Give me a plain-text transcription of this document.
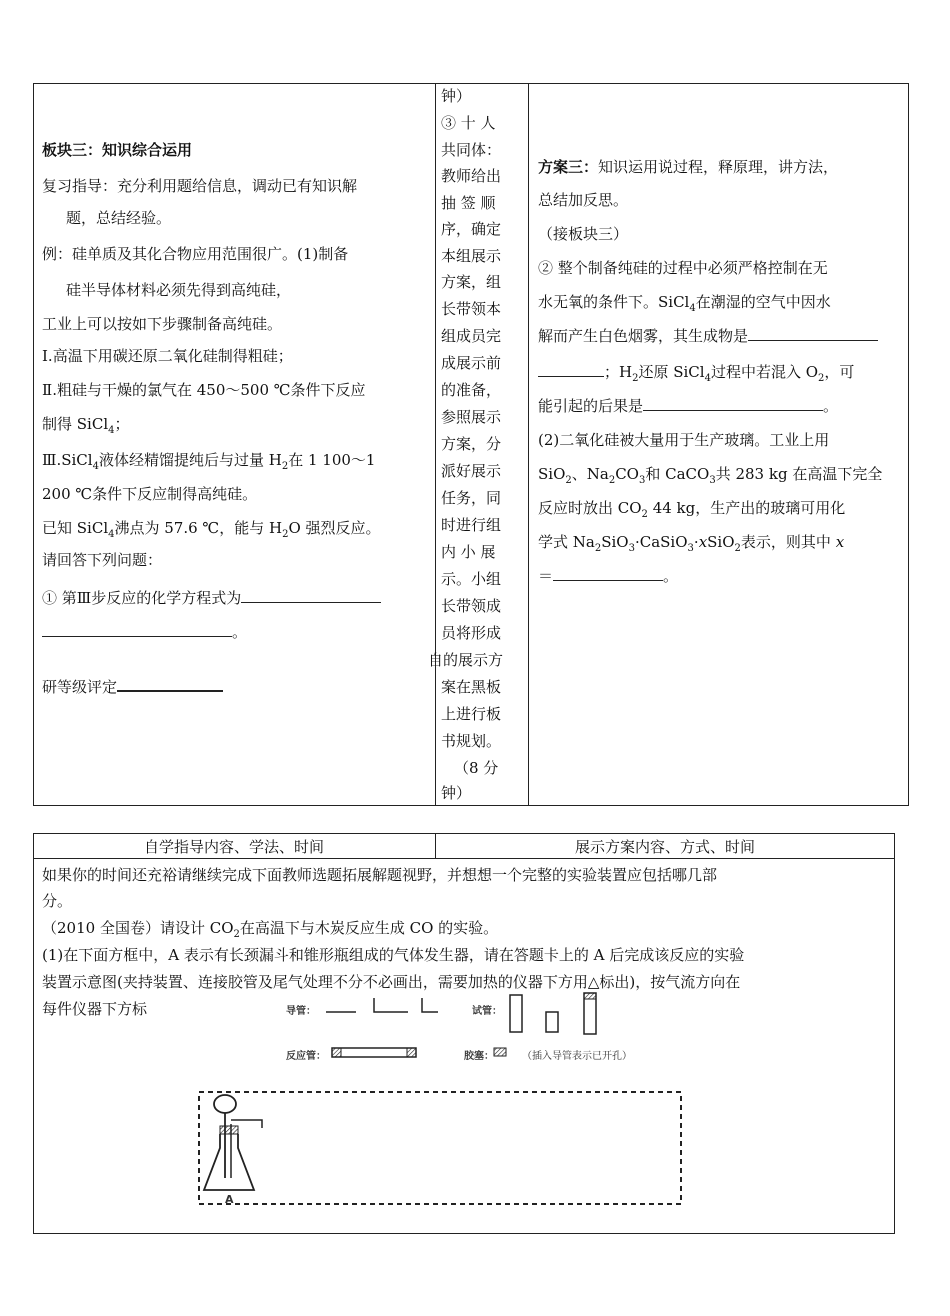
板块三：知识综合运用
复习指导：充分利用题给信息，调动已有知识解
题，总结经验。
例：硅单质及其化合物应用范围很广。(1)制备
硅半导体材料必须先得到高纯硅，
工业上可以按如下步骤制备高纯硅。
Ⅰ.高温下用碳还原二氧化硅制得粗硅；
Ⅱ.粗硅与干燥的氯气在 450～500 ℃条件下反应
制得 SiCl$_4$；
Ⅲ.SiCl$_4$液体经精馏提纯后与过量 $H_2$在 1 100～1
200 ℃条件下反应制得高纯硅。
已知 SiCl$_4$沸点为 57.6 ℃，能与 $H_2O$ 强烈反应。
请回答下列问题：
① 第Ⅲ步反应的化学方程式为
。
研等级评定
钟）
③ 十 人
共同体：
教师给出
抽 签 顺
序，确定
本组展示
方案，组
长带领本
组成员完
成展示前
的准备，
参照展示
方案，分
派好展示
任务，同
时进行组
内 小 展
示。小组
长带领成
员将形成
自的展示方
案在黑板
上进行板
书规划。
（8 分
钟）
方案三：知识运用说过程，释原理，讲方法，
总结加反思。
（接板块三）
② 整个制备纯硅的过程中必须严格控制在无
水无氧的条件下。SiCl$_4$在潮湿的空气中因水
解而产生白色烟雾，其生成物是
；$H_2$还原 SiCl$_4$过程中若混入 $O_2$，可
能引起的后果是	。
(2)二氧化硅被大量用于生产玻璃。工业上用
SiO$_2$、$Na_2CO_3$和 CaCO$_3$共 283 kg 在高温下完全
反应时放出 $CO_2$ 44 kg，生产出的玻璃可用化
学式 $Na_2SiO_3\cdot CaSiO_3\cdot xSiO_2$表示，则其中 x
＝	。
自学指导内容、学法、时间	展示方案内容、方式、时间
如果你的时间还充裕请继续完成下面教师选题拓展解题视野，并想想一个完整的实验装置应包括哪几部
分。
（2010 全国卷）请设计 $CO_2$在高温下与木炭反应生成 CO 的实验。
(1)在下面方框中，A 表示有长颈漏斗和锥形瓶组成的气体发生器，请在答题卡上的 A 后完成该反应的实验
装置示意图(夹持装置、连接胶管及尾气处理不分不必画出，需要加热的仪器下方用△标出)，按气流方向在
每件仪器下方标	导管：	试管：
反应管：	胶塞：	（插入导管表示已开孔）
A
